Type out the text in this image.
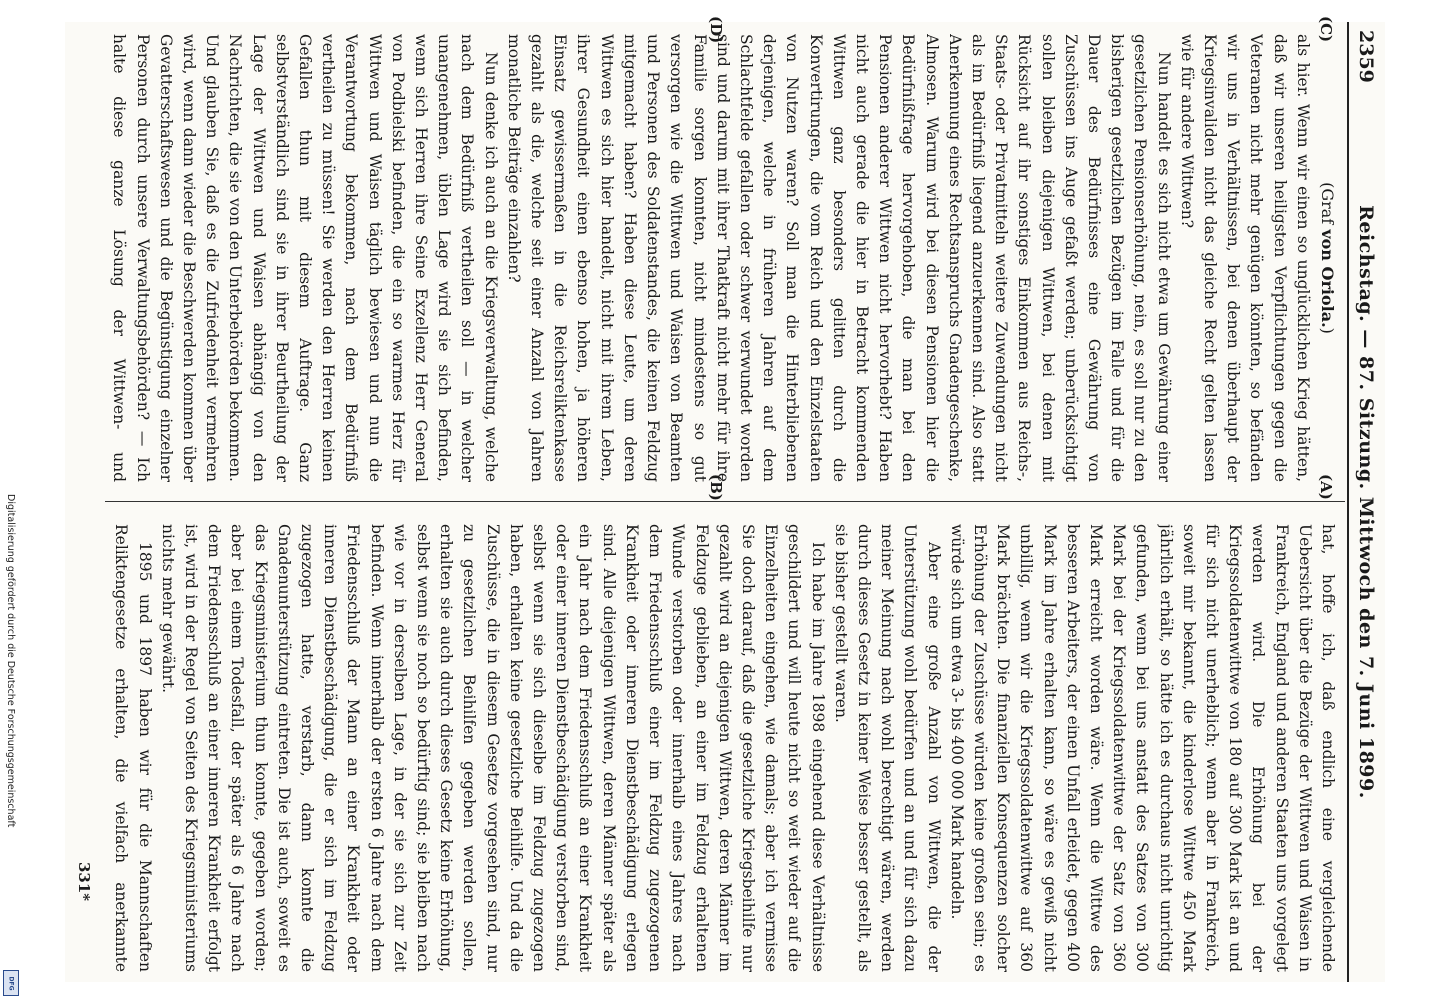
2359
Reichstag. — 87. Sitzung. Mittwoch den 7. Juni 1899.
(C)
(D)
(A)
(B)
(Graf von Oriola.)

als hier. Wenn wir einen so unglücklichen Krieg hätten, daß wir unseren heiligsten Verpflichtungen gegen die Veteranen nicht mehr genügen könnten, so befänden wir uns in Verhältnissen, bei denen überhaupt der Kriegsinvaliden nicht das gleiche Recht gelten lassen wie für andere Wittwen?

Nun handelt es sich nicht etwa um Gewährung einer gesetzlichen Pensionserhöhung, nein, es soll nur zu den bisherigen gesetzlichen Bezügen im Falle und für die Dauer des Bedürfnisses eine Gewährung von Zuschüssen ins Auge gefaßt werden; unberücksichtigt sollen bleiben diejenigen Wittwen, bei denen mit Rücksicht auf ihr sonstiges Einkommen aus Reichs-, Staats- oder Privatmitteln weitere Zuwendungen nicht als im Bedürfniß liegend anzuerkennen sind. Also statt Anerkennung eines Rechtsanspruchs Gnadengeschenke, Almosen. Warum wird bei diesen Pensionen hier die Bedürfnißfrage hervorgehoben, die man bei den Pensionen anderer Wittwen nicht hervorhebt? Haben nicht auch gerade die hier in Betracht kommenden Wittwen ganz besonders gelitten durch die Konvertirungen, die vom Reich und den Einzelstaaten von Nutzen waren? Soll man die Hinterbliebenen derjenigen, welche in früheren Jahren auf dem Schlachtfelde gefallen oder schwer verwundet worden sind und darum mit ihrer Thatkraft nicht mehr für ihre Familie sorgen konnten, nicht mindestens so gut versorgen wie die Wittwen und Waisen von Beamten und Personen des Soldatenstandes, die keinen Feldzug mitgemacht haben? Haben diese Leute, um deren Wittwen es sich hier handelt, nicht mit ihrem Leben, ihrer Gesundheit einen ebenso hohen, ja höheren Einsatz gewissermaßen in die Reichsreliktenkasse gezahlt als die, welche seit einer Anzahl von Jahren monatliche Beiträge einzahlen?

Nun denke ich auch an die Kriegsverwaltung, welche nach dem Bedürfniß vertheilen soll — in welcher unangenehmen, üblen Lage wird sie sich befinden, wenn sich Herren ihre Seine Exzellenz Herr General von Podbielski befinden, die ein so warmes Herz für Wittwen und Waisen täglich bewiesen und nun die Verantwortung bekommen, nach dem Bedürfniß vertheilen zu müssen! Sie werden den Herren keinen Gefallen thun mit diesem Auftrage. Ganz selbstverständlich sind sie in ihrer Beurtheilung der Lage der Wittwen und Waisen abhängig von den Nachrichten, die sie von den Unterbehörden bekommen. Und glauben Sie, daß es die Zufriedenheit vermehren wird, wenn dann wieder die Beschwerden kommen über Gevatterschaftswesen und die Begünstigung einzelner Personen durch unsere Verwaltungsbehörden? — Ich halte diese ganze Lösung der Wittwen- und

hat, hoffe ich, daß endlich eine vergleichende Uebersicht über die Bezüge der Wittwen und Waisen in Frankreich, England und anderen Staaten uns vorgelegt werden wird. Die Erhöhung bei der Kriegssoldatenwittwe von 180 auf 300 Mark ist an und für sich nicht unerheblich; wenn aber in Frankreich, soweit mir bekannt, die kinderlose Wittwe 450 Mark jährlich erhält, so hätte ich es durchaus nicht unrichtig gefunden, wenn bei uns anstatt des Satzes von 300 Mark bei der Kriegssoldatenwittwe der Satz von 360 Mark erreicht worden wäre. Wenn die Wittwe des besseren Arbeiters, der einen Unfall erleidet, gegen 400 Mark im Jahre erhalten kann, so wäre es gewiß nicht unbillig, wenn wir die Kriegssoldatenwittwe auf 360 Mark brächten. Die finanziellen Konsequenzen solcher Erhöhung der Zuschüsse würden keine großen sein; es würde sich um etwa 3- bis 400 000 Mark handeln.

Aber eine große Anzahl von Wittwen, die der Unterstützung wohl bedürfen und an und für sich dazu meiner Meinung nach wohl berechtigt wären, werden durch dieses Gesetz in keiner Weise besser gestellt, als sie bisher gestellt waren.

Ich habe im Jahre 1898 eingehend diese Verhältnisse geschildert und will heute nicht so weit wieder auf die Einzelheiten eingehen, wie damals; aber ich vermisse Sie doch darauf, daß die gesetzliche Kriegsbeihilfe nur gezahlt wird an diejenigen Wittwen, deren Männer im Feldzuge geblieben, an einer im Feldzug erhaltenen Wunde verstorben oder innerhalb eines Jahres nach dem Friedensschluß einer im Feldzug zugezogenen Krankheit oder inneren Dienstbeschädigung erlegen sind. Alle diejenigen Wittwen, deren Männer später als ein Jahr nach dem Friedensschluß an einer Krankheit oder einer inneren Dienstbeschädigung verstorben sind, selbst wenn sie sich dieselbe im Feldzug zugezogen haben, erhalten keine gesetzliche Beihilfe. Und da die Zuschüsse, die in diesem Gesetze vorgesehen sind, nur zu gesetzlichen Beihilfen gegeben werden sollen, erhalten sie auch durch dieses Gesetz keine Erhöhung, selbst wenn sie noch so bedürftig sind; sie bleiben nach wie vor in derselben Lage, in der sie sich zur Zeit befinden. Wenn innerhalb der ersten 6 Jahre nach dem Friedensschluß der Mann an einer Krankheit oder inneren Dienstbeschädigung, die er sich im Feldzug zugezogen hatte, verstarb, dann konnte die Gnadenunterstützung eintreten. Die ist auch, soweit es das Kriegsministerium thun konnte, gegeben worden; aber bei einem Todesfall, der später als 6 Jahre nach dem Friedensschluß an einer inneren Krankheit erfolgt ist, wird in der Regel von Seiten des Kriegsministeriums nichts mehr gewährt.

1895 und 1897 haben wir für die Mannschaften Reliktengesetze erhalten, die vielfach anerkannte

331*
Digitalisierung gefördert durch die Deutsche Forschungsgemeinschaft
DFG
